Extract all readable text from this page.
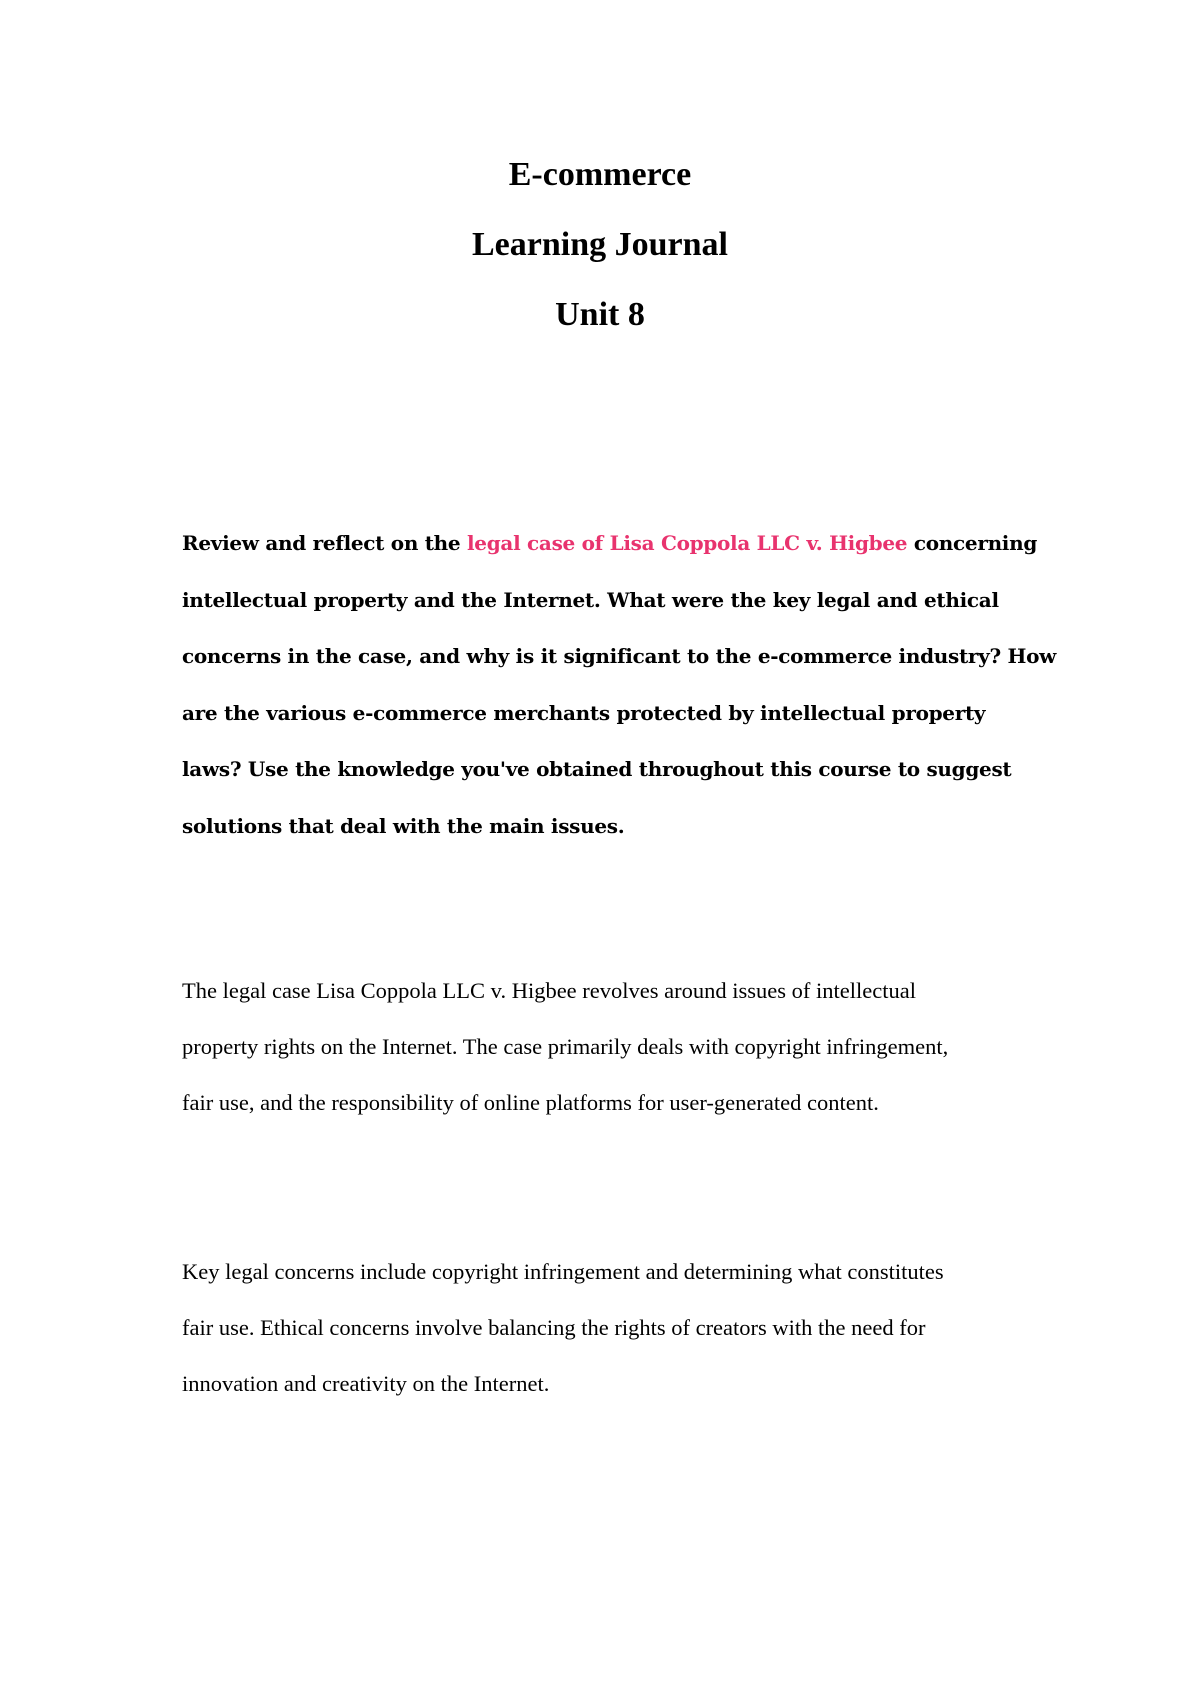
E-commerce

Learning Journal

Unit 8

Review and reflect on the legal case of Lisa Coppola LLC v. Higbee concerning
intellectual property and the Internet. What were the key legal and ethical
concerns in the case, and why is it significant to the e-commerce industry? How
are the various e-commerce merchants protected by intellectual property
laws? Use the knowledge you've obtained throughout this course to suggest
solutions that deal with the main issues.
The legal case Lisa Coppola LLC v. Higbee revolves around issues of intellectual
property rights on the Internet. The case primarily deals with copyright infringement,
fair use, and the responsibility of online platforms for user-generated content.
Key legal concerns include copyright infringement and determining what constitutes
fair use. Ethical concerns involve balancing the rights of creators with the need for
innovation and creativity on the Internet.
